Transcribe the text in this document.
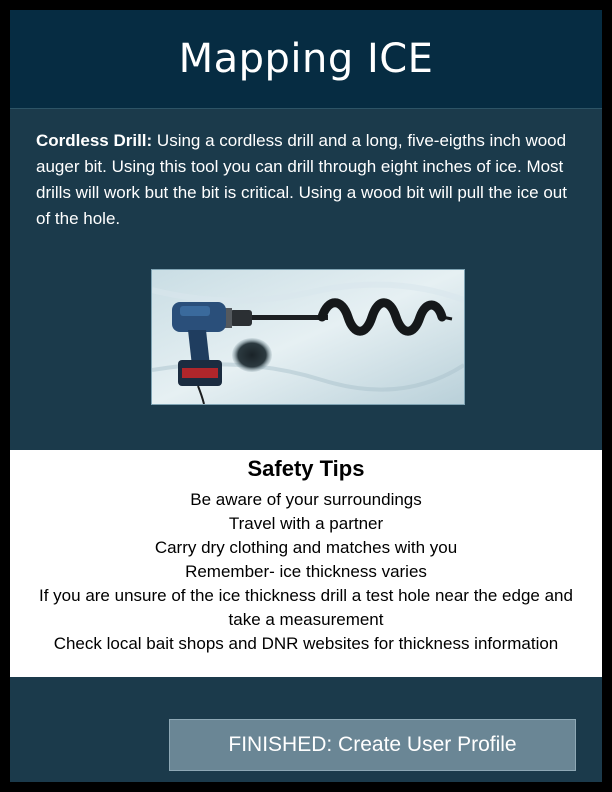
Mapping ICE

Cordless Drill: Using a cordless drill and a long, five-eigths inch wood auger bit. Using this tool you can drill through eight inches of ice. Most drills will work but the bit is critical. Using a wood bit will pull the ice out of the hole.

Safety Tips
Be aware of your surroundings
Travel with a partner
Carry dry clothing and matches with you
Remember- ice thickness varies
If you are unsure of the ice thickness drill a test hole near the edge and take a measurement
Check local bait shops and DNR websites for thickness information
FINISHED: Create User Profile
